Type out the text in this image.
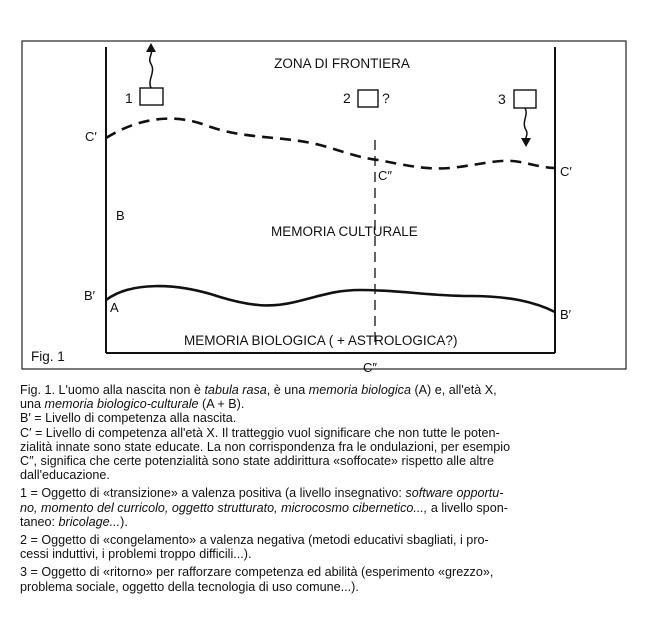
ZONA DI FRONTIERA
1	2 ?	3
C′
C′
C″
B
MEMORIA CULTURALE
B′
A	B′
MEMORIA BIOLOGICA ( + ASTROLOGICA?)
Fig. 1
C″

Fig. 1. L'uomo alla nascita non è tabula rasa, è una memoria biologica (A) e, all'età X,
una memoria biologico-culturale (A + B).

B′ = Livello di competenza alla nascita.

C′ = Livello di competenza all'età X. Il tratteggio vuol significare che non tutte le poten-
zialità innate sono state educate. La non corrispondenza fra le ondulazioni, per esempio
C″, significa che certe potenzialità sono state addirittura «soffocate» rispetto alle altre
dall'educazione.

1 = Oggetto di «transizione» a valenza positiva (a livello insegnativo: software opportu-
no, momento del curricolo, oggetto strutturato, microcosmo cibernetico..., a livello spon-
taneo: bricolage...).

2 = Oggetto di «congelamento» a valenza negativa (metodi educativi sbagliati, i pro-
cessi induttivi, i problemi troppo difficili...).

3 = Oggetto di «ritorno» per rafforzare competenza ed abilità (esperimento «grezzo»,
problema sociale, oggetto della tecnologia di uso comune...).
